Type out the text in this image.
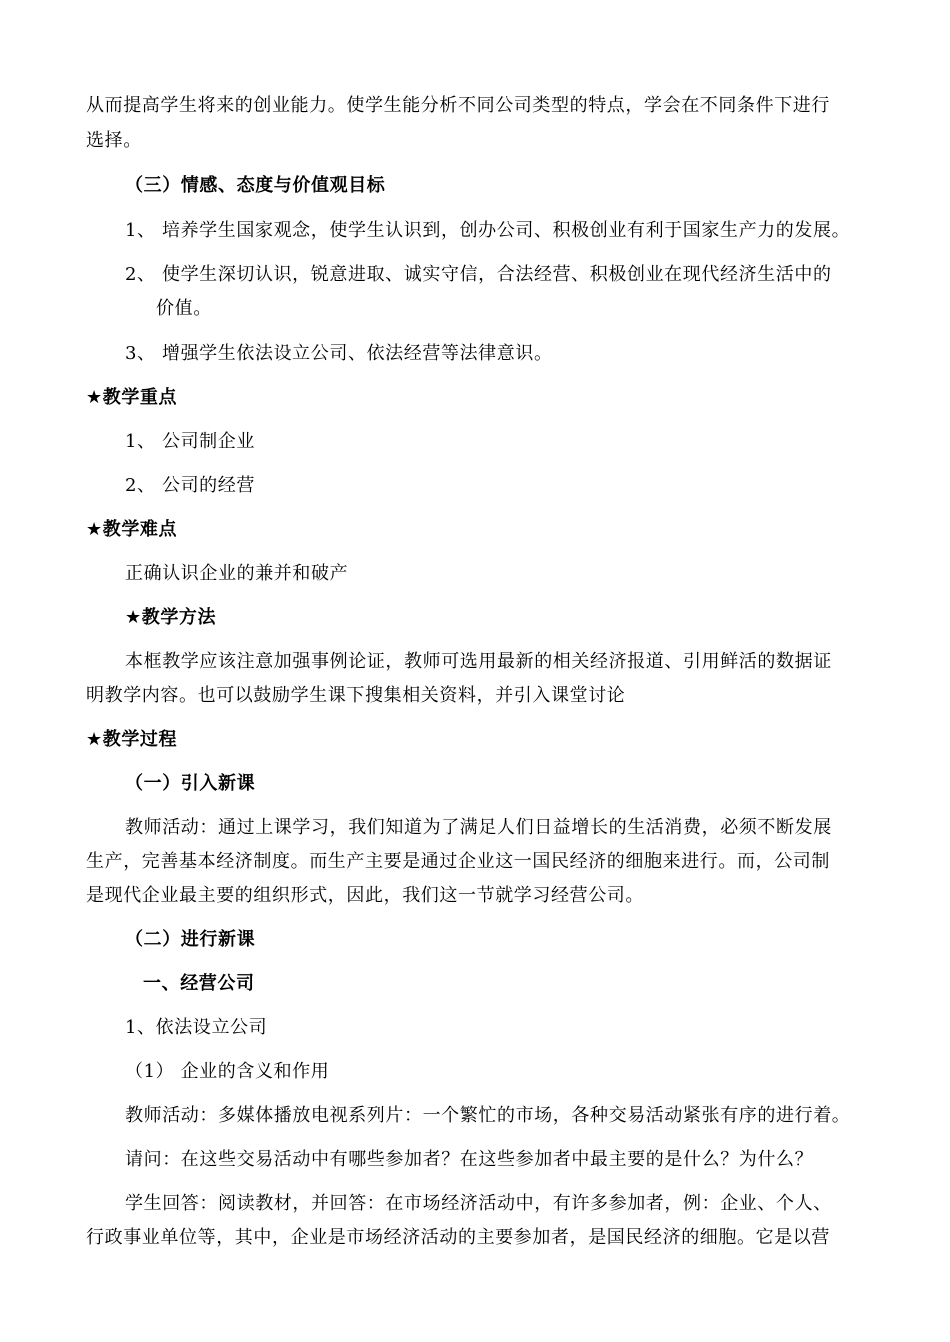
从而提高学生将来的创业能力。使学生能分析不同公司类型的特点，学会在不同条件下进行
选择。
（三）情感、态度与价值观目标
1、 培养学生国家观念，使学生认识到，创办公司、积极创业有利于国家生产力的发展。
2、 使学生深切认识，锐意进取、诚实守信，合法经营、积极创业在现代经济生活中的
价值。
3、 增强学生依法设立公司、依法经营等法律意识。
★教学重点
1、 公司制企业
2、 公司的经营
★教学难点
正确认识企业的兼并和破产
★教学方法
本框教学应该注意加强事例论证，教师可选用最新的相关经济报道、引用鲜活的数据证
明教学内容。也可以鼓励学生课下搜集相关资料，并引入课堂讨论
★教学过程
（一）引入新课
教师活动：通过上课学习，我们知道为了满足人们日益增长的生活消费，必须不断发展
生产，完善基本经济制度。而生产主要是通过企业这一国民经济的细胞来进行。而，公司制
是现代企业最主要的组织形式，因此，我们这一节就学习经营公司。
（二）进行新课
一、经营公司
1、依法设立公司
（1） 企业的含义和作用
教师活动：多媒体播放电视系列片：一个繁忙的市场，各种交易活动紧张有序的进行着。
请问：在这些交易活动中有哪些参加者？在这些参加者中最主要的是什么？为什么？
学生回答：阅读教材，并回答：在市场经济活动中，有许多参加者，例：企业、个人、
行政事业单位等，其中，企业是市场经济活动的主要参加者，是国民经济的细胞。它是以营
